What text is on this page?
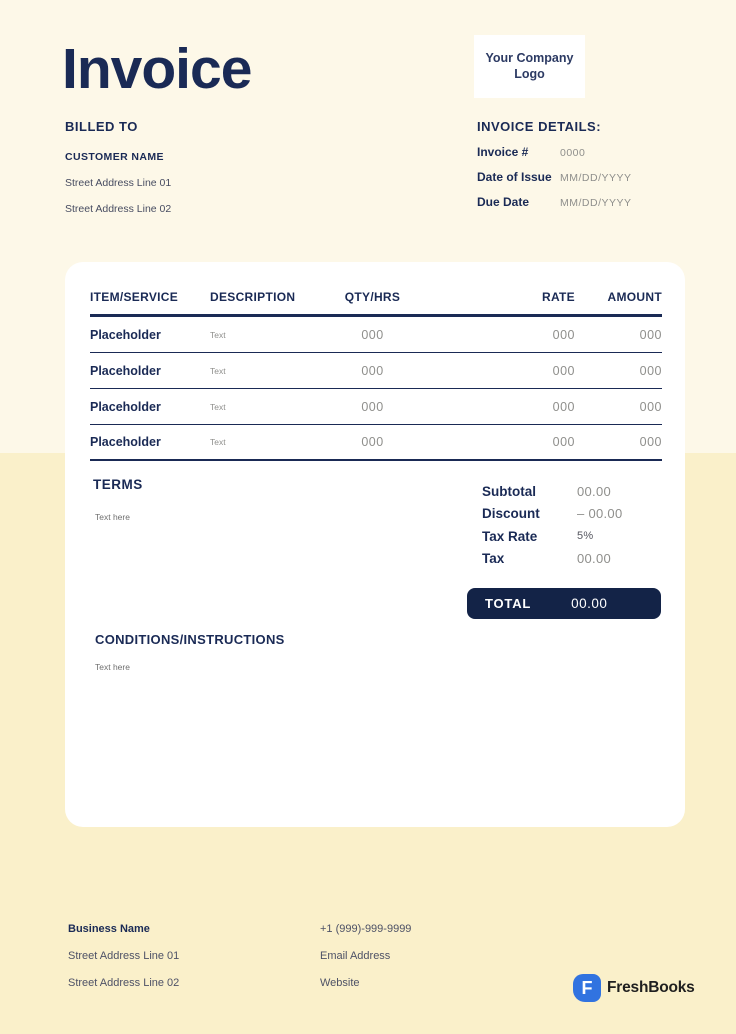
Invoice	Your Company
Logo
BILLED TO
CUSTOMER NAME
Street Address Line 01
Street Address Line 02
INVOICE DETAILS:
Invoice #	0000
Date of Issue MM/DD/YYYY
Due Date	MM/DD/YYYY
ITEM/SERVICE	DESCRIPTION	QTY/HRS	RATE	AMOUNT
Placeholder	Text	000	000	000
Placeholder	Text	000	000	000
Placeholder	Text	000	000	000
Placeholder	Text	000	000	000
TERMS
Text here
Subtotal	00.00
Discount	– 00.00
Tax Rate	5%
Tax	00.00
TOTAL	00.00
CONDITIONS/INSTRUCTIONS
Text here
Business Name
Street Address Line 01
Street Address Line 02
+1 (999)-999-9999
Email Address
Website	F FreshBooks
